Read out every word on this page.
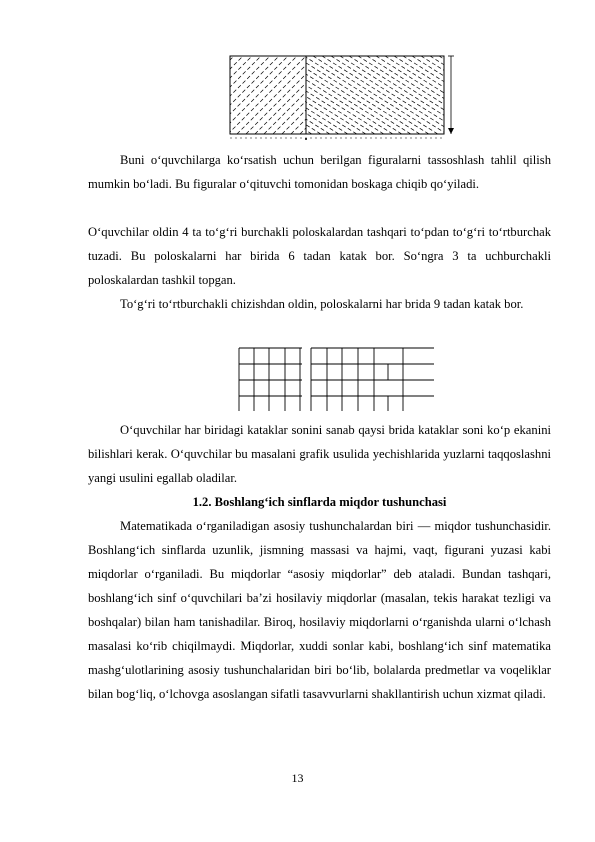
Buni o‘quvchilarga ko‘rsatish uchun berilgan figuralarni tassoshlash tahlil qilish mumkin bo‘ladi. Bu figuralar o‘qituvchi tomonidan boskaga chiqib qo‘yiladi.

O‘quvchilar oldin 4 ta to‘g‘ri burchakli poloskalardan tashqari to‘pdan to‘g‘ri to‘rtburchak tuzadi. Bu poloskalarni har birida 6 tadan katak bor. So‘ngra 3 ta uchburchakli poloskalardan tashkil topgan.

To‘g‘ri to‘rtburchakli chizishdan oldin, poloskalarni har brida 9 tadan katak bor.

O‘quvchilar har biridagi kataklar sonini sanab qaysi brida kataklar soni ko‘p ekanini bilishlari kerak. O‘quvchilar bu masalani grafik usulida yechishlarida yuzlarni taqqoslashni yangi usulini egallab oladilar.

1.2. Boshlang‘ich sinflarda miqdor tushunchasi

Matematikada o‘rganiladigan asosiy tushunchalardan biri — miqdor tushunchasidir. Boshlang‘ich sinflarda uzunlik, jismning massasi va hajmi, vaqt, figurani yuzasi kabi miqdorlar o‘rganiladi. Bu miqdorlar “asosiy miqdorlar” deb ataladi. Bundan tashqari, boshlang‘ich sinf o‘quvchilari ba’zi hosilaviy miqdorlar (masalan, tekis harakat tezligi va boshqalar) bilan ham tanishadilar. Biroq, hosilaviy miqdorlarni o‘rganishda ularni o‘lchash masalasi ko‘rib chiqilmaydi. Miqdorlar, xuddi sonlar kabi, boshlang‘ich sinf matematika mashg‘ulotlarining asosiy tushunchalaridan biri bo‘lib, bolalarda predmetlar va voqeliklar bilan bog‘liq, o‘lchovga asoslangan sifatli tasavvurlarni shakllantirish uchun xizmat qiladi.

13
